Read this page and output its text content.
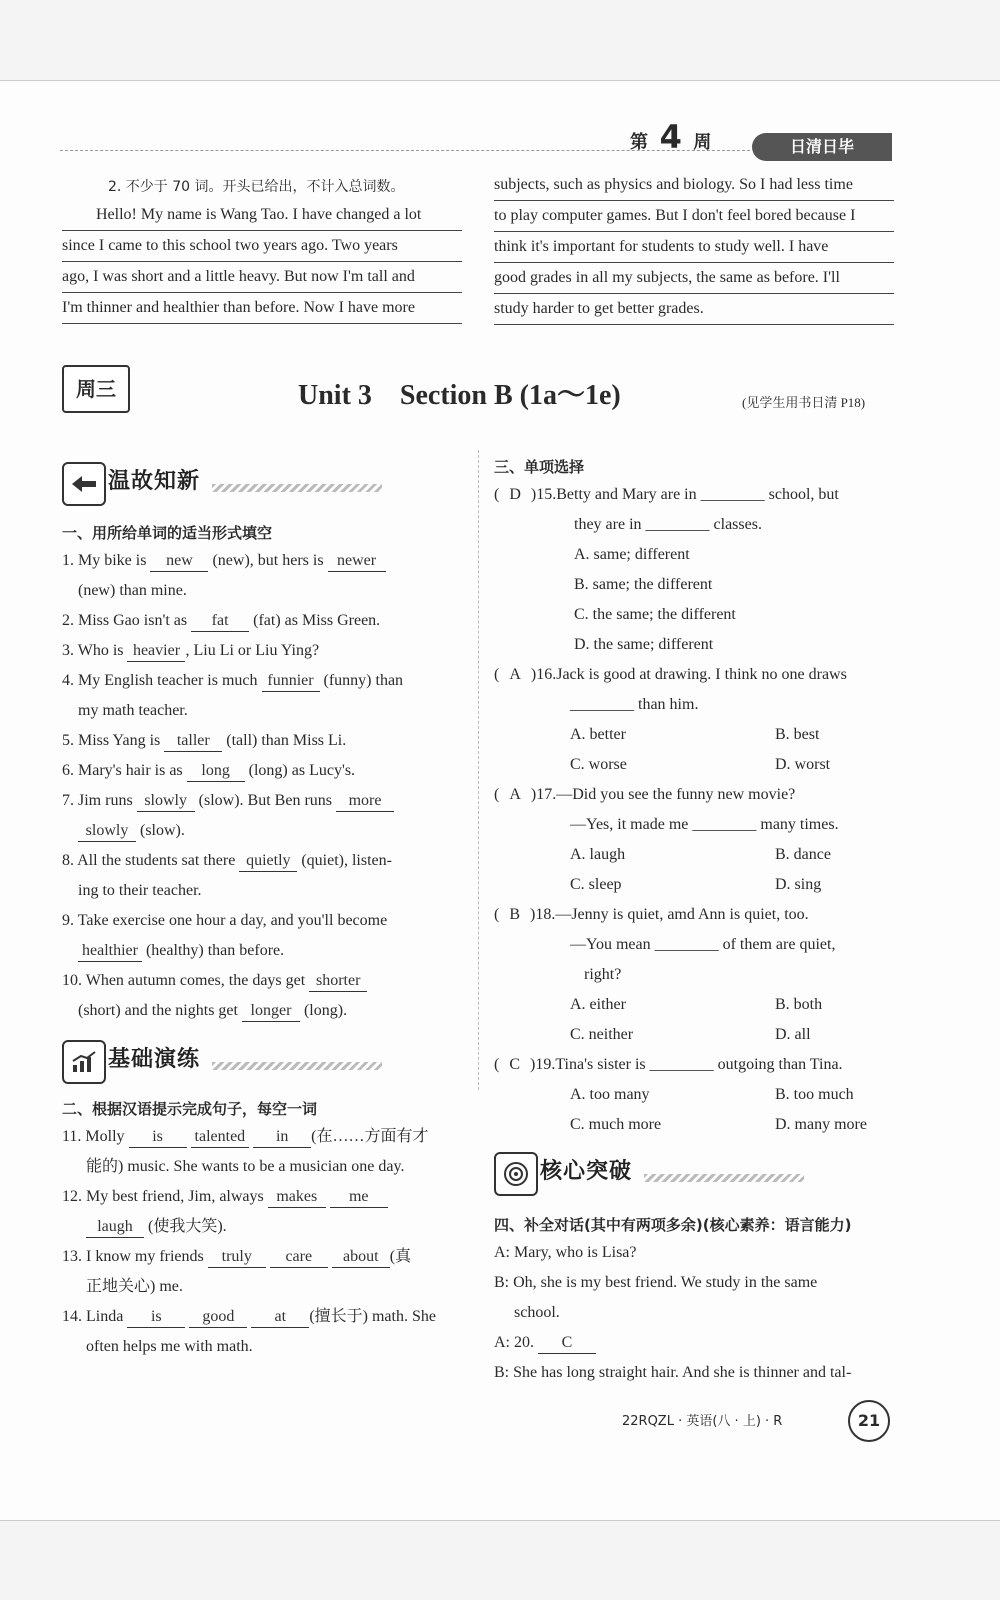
第 4 周	日清日毕
2. 不少于 70 词。开头已给出，不计入总词数。
Hello! My name is Wang Tao. I have changed a lot
since I came to this school two years ago. Two years
ago, I was short and a little heavy. But now I'm tall and
I'm thinner and healthier than before. Now I have more
subjects, such as physics and biology. So I had less time
to play computer games. But I don't feel bored because I
think it's important for students to study well. I have
good grades in all my subjects, the same as before. I'll
study harder to get better grades.
周三	Unit 3　Section B (1a～1e)	(见学生用书日清 P18)
温故知新
一、用所给单词的适当形式填空
1. My bike is new (new), but hers is newer
(new) than mine.
2. Miss Gao isn't as fat (fat) as Miss Green.
3. Who is heavier , Liu Li or Liu Ying?
4. My English teacher is much funnier (funny) than
my math teacher.
5. Miss Yang is taller (tall) than Miss Li.
6. Mary's hair is as long (long) as Lucy's.
7. Jim runs slowly (slow). But Ben runs more
slowly (slow).
8. All the students sat there quietly (quiet), listen-
ing to their teacher.
9. Take exercise one hour a day, and you'll become
healthier (healthy) than before.
10. When autumn comes, the days get shorter
(short) and the nights get longer (long).
基础演练
二、根据汉语提示完成句子，每空一词
11. Molly is talented in (在……方面有才
能的) music. She wants to be a musician one day.
12. My best friend, Jim, always makes me
laugh (使我大笑).
13. I know my friends truly care about (真
正地关心) me.
14. Linda is	good	at (擅长于) math. She
often helps me with math.
三、单项选择
( D )15.Betty and Mary are in ________ school, but
they are in ________ classes.
A. same; different
B. same; the different
C. the same; the different
D. the same; different
( A )16.Jack is good at drawing. I think no one draws
________ than him.
A. better	B. best
C. worse	D. worst
( A )17.—Did you see the funny new movie?
—Yes, it made me ________ many times.
A. laugh	B. dance
C. sleep	D. sing
( B )18.—Jenny is quiet, amd Ann is quiet, too.
—You mean ________ of them are quiet,
right?
A. either	B. both
C. neither	D. all
( C )19.Tina's sister is ________ outgoing than Tina.
A. too many	B. too much
C. much more	D. many more
核心突破
四、补全对话(其中有两项多余)(核心素养：语言能力)
A: Mary, who is Lisa?
B: Oh, she is my best friend. We study in the same
school.
A: 20. C
B: She has long straight hair. And she is thinner and tal-
22RQZL · 英语(八 · 上) · R	21
